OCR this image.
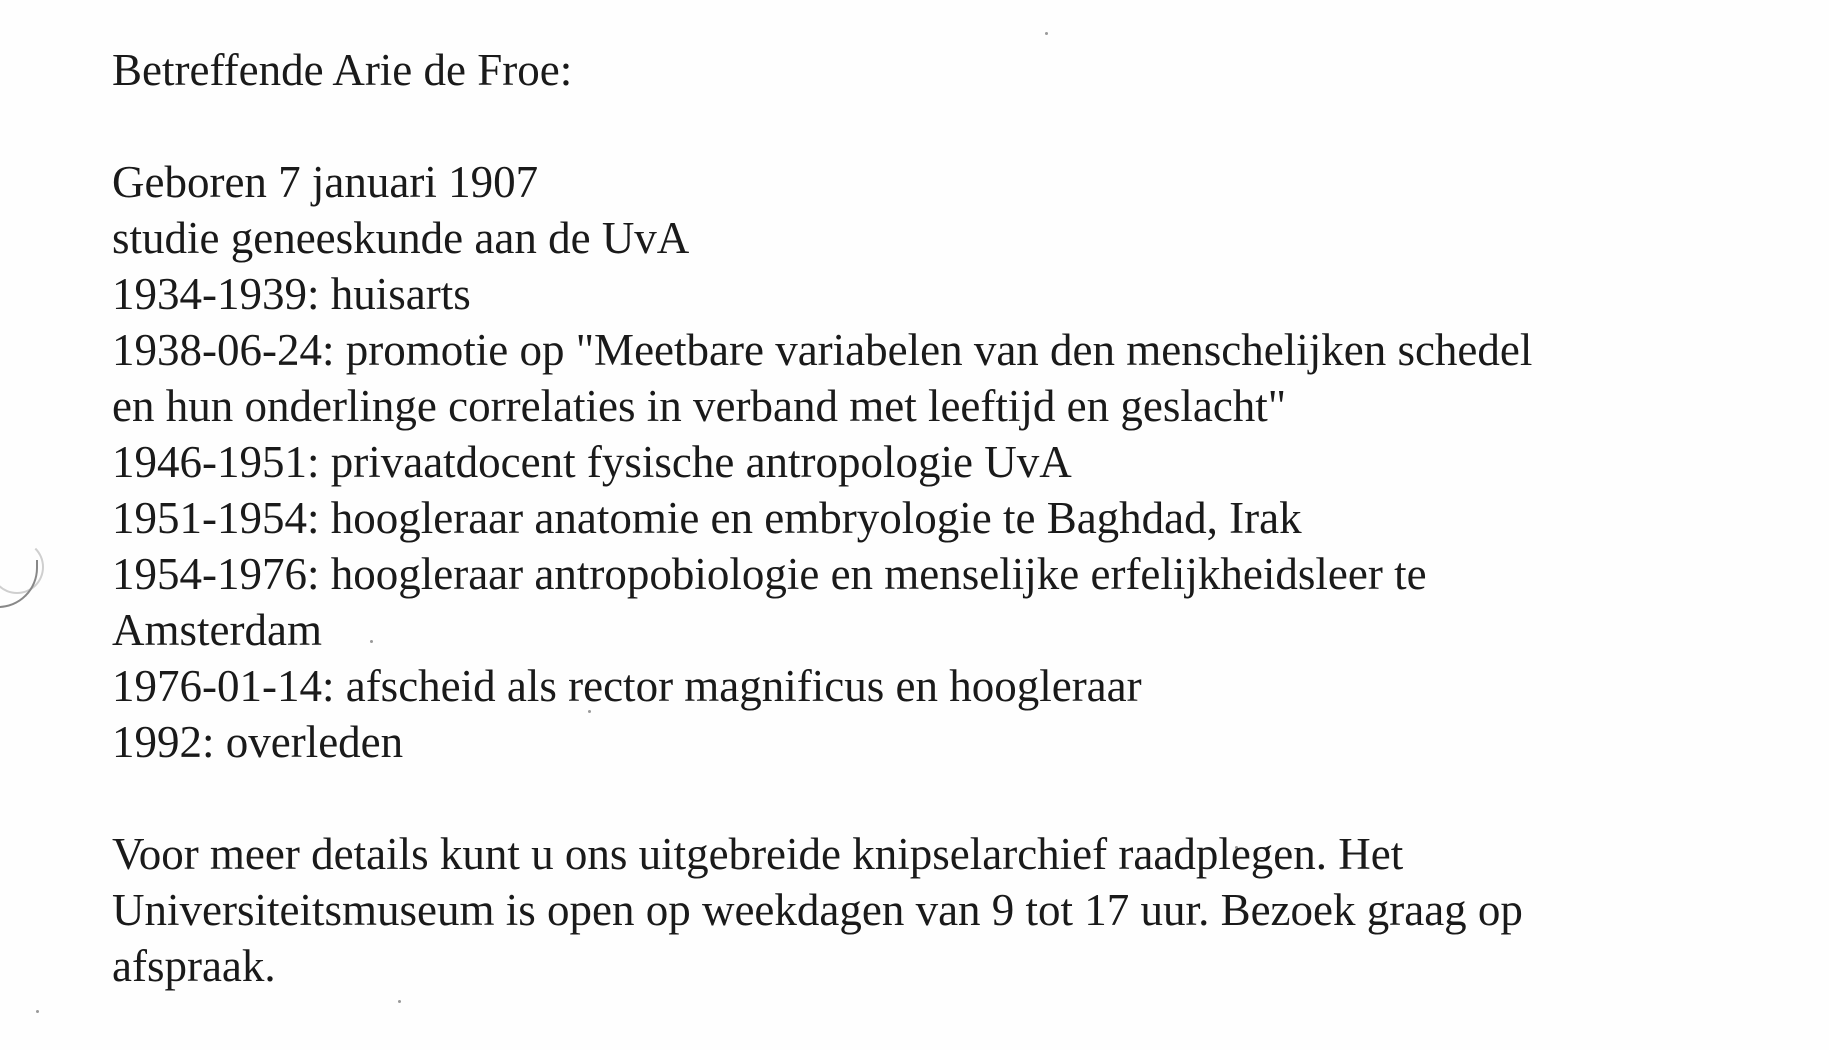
Betreffende Arie de Froe:
Geboren 7 januari 1907
studie geneeskunde aan de UvA
1934-1939: huisarts
1938-06-24: promotie op "Meetbare variabelen van den menschelijken schedel
en hun onderlinge correlaties in verband met leeftijd en geslacht"
1946-1951: privaatdocent fysische antropologie UvA
1951-1954: hoogleraar anatomie en embryologie te Baghdad, Irak
1954-1976: hoogleraar antropobiologie en menselijke erfelijkheidsleer te
Amsterdam
1976-01-14: afscheid als rector magnificus en hoogleraar
1992: overleden
Voor meer details kunt u ons uitgebreide knipselarchief raadplegen. Het
Universiteitsmuseum is open op weekdagen van 9 tot 17 uur. Bezoek graag op
afspraak.
